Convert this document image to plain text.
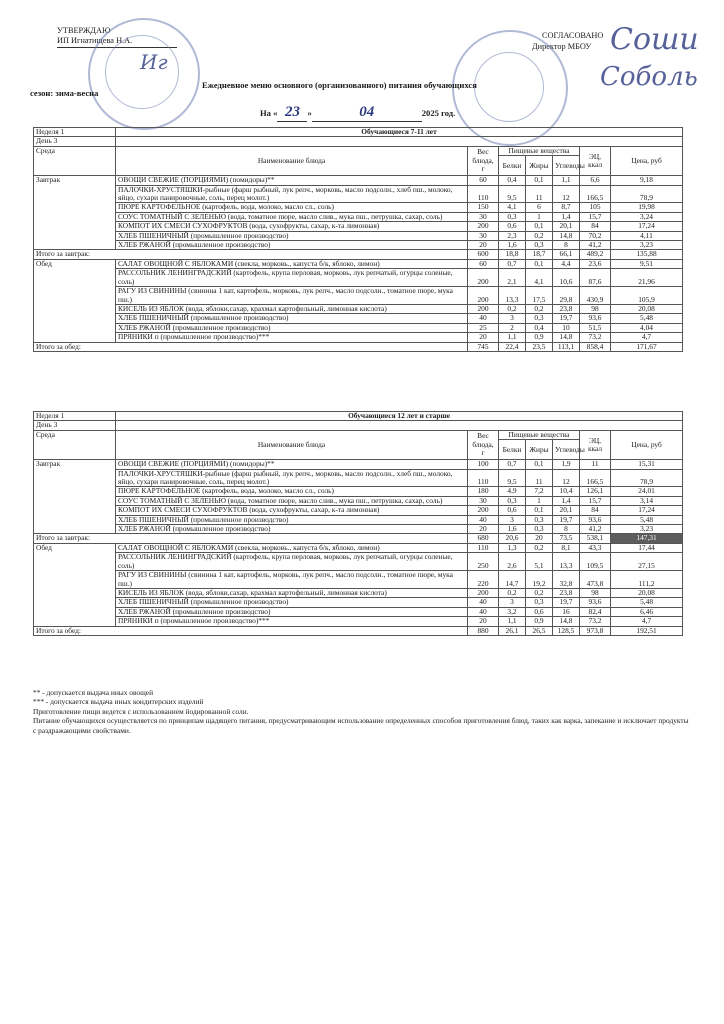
УТВЕРЖДАЮ
ИП Игнатищева Н.А.
СОГЛАСОВАНО
Директор МБОУ Соши
Соболь
Иг
Ежедневное меню основного (организованного) питания обучающихся
сезон: зима-весна
На « 23 »	04	2025 год.
Неделя 1	Обучающиеся 7-11 лет						
День 3							
Среда	Наименование блюда	Вес блюда, г	Пищевые вещества			ЭЦ, ккал	Цена, руб
			Белки	Жиры	Углеводы		
Завтрак	ОВОЩИ СВЕЖИЕ (ПОРЦИЯМИ) (помидоры)**	60	0,4	0,1	1,1	6,6	9,18
	ПАЛОЧКИ-ХРУСТЯШКИ-рыбные (фарш рыбный, лук репч., морковь, масло подсолн., хлеб пш., молоко, яйцо, сухари панировочные, соль, перец молот.)	110	9,5	11	12	166,5	78,9
	ПЮРЕ КАРТОФЕЛЬНОЕ (картофель, вода, молоко, масло сл., соль)	150	4,1	6	8,7	105	19,98
	СОУС ТОМАТНЫЙ С ЗЕЛЕНЬЮ (вода, томатное пюре, масло слив., мука пш., петрушка, сахар, соль)	30	0,3	1	1,4	15,7	3,24
	КОМПОТ ИХ СМЕСИ СУХОФРУКТОВ (вода, сухофрукты, сахар, к-та лимонная)	200	0,6	0,1	20,1	84	17,24
	ХЛЕБ ПШЕНИЧНЫЙ (промышленное производство)	30	2,3	0,2	14,8	70,2	4,11
	ХЛЕБ РЖАНОЙ (промышленное производство)	20	1,6	0,3	8	41,2	3,23
Итого за завтрак:		600	18,8	18,7	66,1	489,2	135,88
Обед	САЛАТ ОВОЩНОЙ С ЯБЛОКАМИ (свекла, морковь., капуста б/к, яблоко, лимон)	60	0,7	0,1	4,4	23,6	9,51
	РАССОЛЬНИК ЛЕНИНГРАДСКИЙ (картофель, крупа перловая, морковь, лук репчатый, огурцы соленые, соль)	200	2,1	4,1	10,6	87,6	21,96
	РАГУ ИЗ СВИНИНЫ (свинина 1 кат, картофель, морковь, лук репч., масло подсолн., томатное пюре, мука пш.)	200	13,3	17,5	29,8	430,9	105,9
	КИСЕЛЬ ИЗ ЯБЛОК (вода, яблоки,сахар, крахмал картофельный, лимонная кислота)	200	0,2	0,2	23,8	98	20,08
	ХЛЕБ ПШЕНИЧНЫЙ (промышленное производство)	40	3	0,3	19,7	93,6	5,48
	ХЛЕБ РЖАНОЙ (промышленное производство)	25	2	0,4	10	51,5	4,04
	ПРЯНИКИ п (промышленное производство)***	20	1,1	0,9	14,8	73,2	4,7
Итого за обед:		745	22,4	23,5	113,1	858,4	171,67
Неделя 1	Обучающиеся 12 лет и старше						
День 3							
Среда	Наименование блюда	Вес блюда, г	Пищевые вещества			ЭЦ, ккал	Цена, руб
			Белки	Жиры	Углеводы		
Завтрак	ОВОЩИ СВЕЖИЕ (ПОРЦИЯМИ) (помидоры)**	100	0,7	0,1	1,9	11	15,31
	ПАЛОЧКИ-ХРУСТЯШКИ-рыбные (фарш рыбный, лук репч., морковь, масло подсолн., хлеб пш., молоко, яйцо, сухари панировочные, соль, перец молот.)	110	9,5	11	12	166,5	78,9
	ПЮРЕ КАРТОФЕЛЬНОЕ (картофель, вода, молоко, масло сл., соль)	180	4,9	7,2	10,4	126,1	24,01
	СОУС ТОМАТНЫЙ С ЗЕЛЕНЬЮ (вода, томатное пюре, масло слив., мука пш., петрушка, сахар, соль)	30	0,3	1	1,4	15,7	3,14
	КОМПОТ ИХ СМЕСИ СУХОФРУКТОВ (вода, сухофрукты, сахар, к-та лимонная)	200	0,6	0,1	20,1	84	17,24
	ХЛЕБ ПШЕНИЧНЫЙ (промышленное производство)	40	3	0,3	19,7	93,6	5,48
	ХЛЕБ РЖАНОЙ (промышленное производство)	20	1,6	0,3	8	41,2	3,23
Итого за завтрак:		680	20,6	20	73,5	538,1	147,31
Обед	САЛАТ ОВОЩНОЙ С ЯБЛОКАМИ (свекла, морковь., капуста б/к, яблоко, лимон)	110	1,3	0,2	8,1	43,3	17,44
	РАССОЛЬНИК ЛЕНИНГРАДСКИЙ (картофель, крупа перловая, морковь, лук репчатый, огурцы соленые, соль)	250	2,6	5,1	13,3	109,5	27,15
	РАГУ ИЗ СВИНИНЫ (свинина 1 кат, картофель, морковь, лук репч., масло подсолн., томатное пюре, мука пш.)	220	14,7	19,2	32,8	473,8	111,2
	КИСЕЛЬ ИЗ ЯБЛОК (вода, яблоки,сахар, крахмал картофельный, лимонная кислота)	200	0,2	0,2	23,8	98	20,08
	ХЛЕБ ПШЕНИЧНЫЙ (промышленное производство)	40	3	0,3	19,7	93,6	5,48
	ХЛЕБ РЖАНОЙ (промышленное производство)	40	3,2	0,6	16	82,4	6,46
	ПРЯНИКИ п (промышленное производство)***	20	1,1	0,9	14,8	73,2	4,7
Итого за обед:		880	26,1	26,5	128,5	973,8	192,51
** - допускается выдача иных овощей
*** - допускается выдача иных кондитерских изделий
Приготовление пищи ведется с использованием йодированной соли.
Питание обучающихся осуществляется по принципам щадящего питания, предусматривающим использование определенных способов приготовления блюд, таких как варка, запекание и исключает продукты с раздражающими свойствами.
